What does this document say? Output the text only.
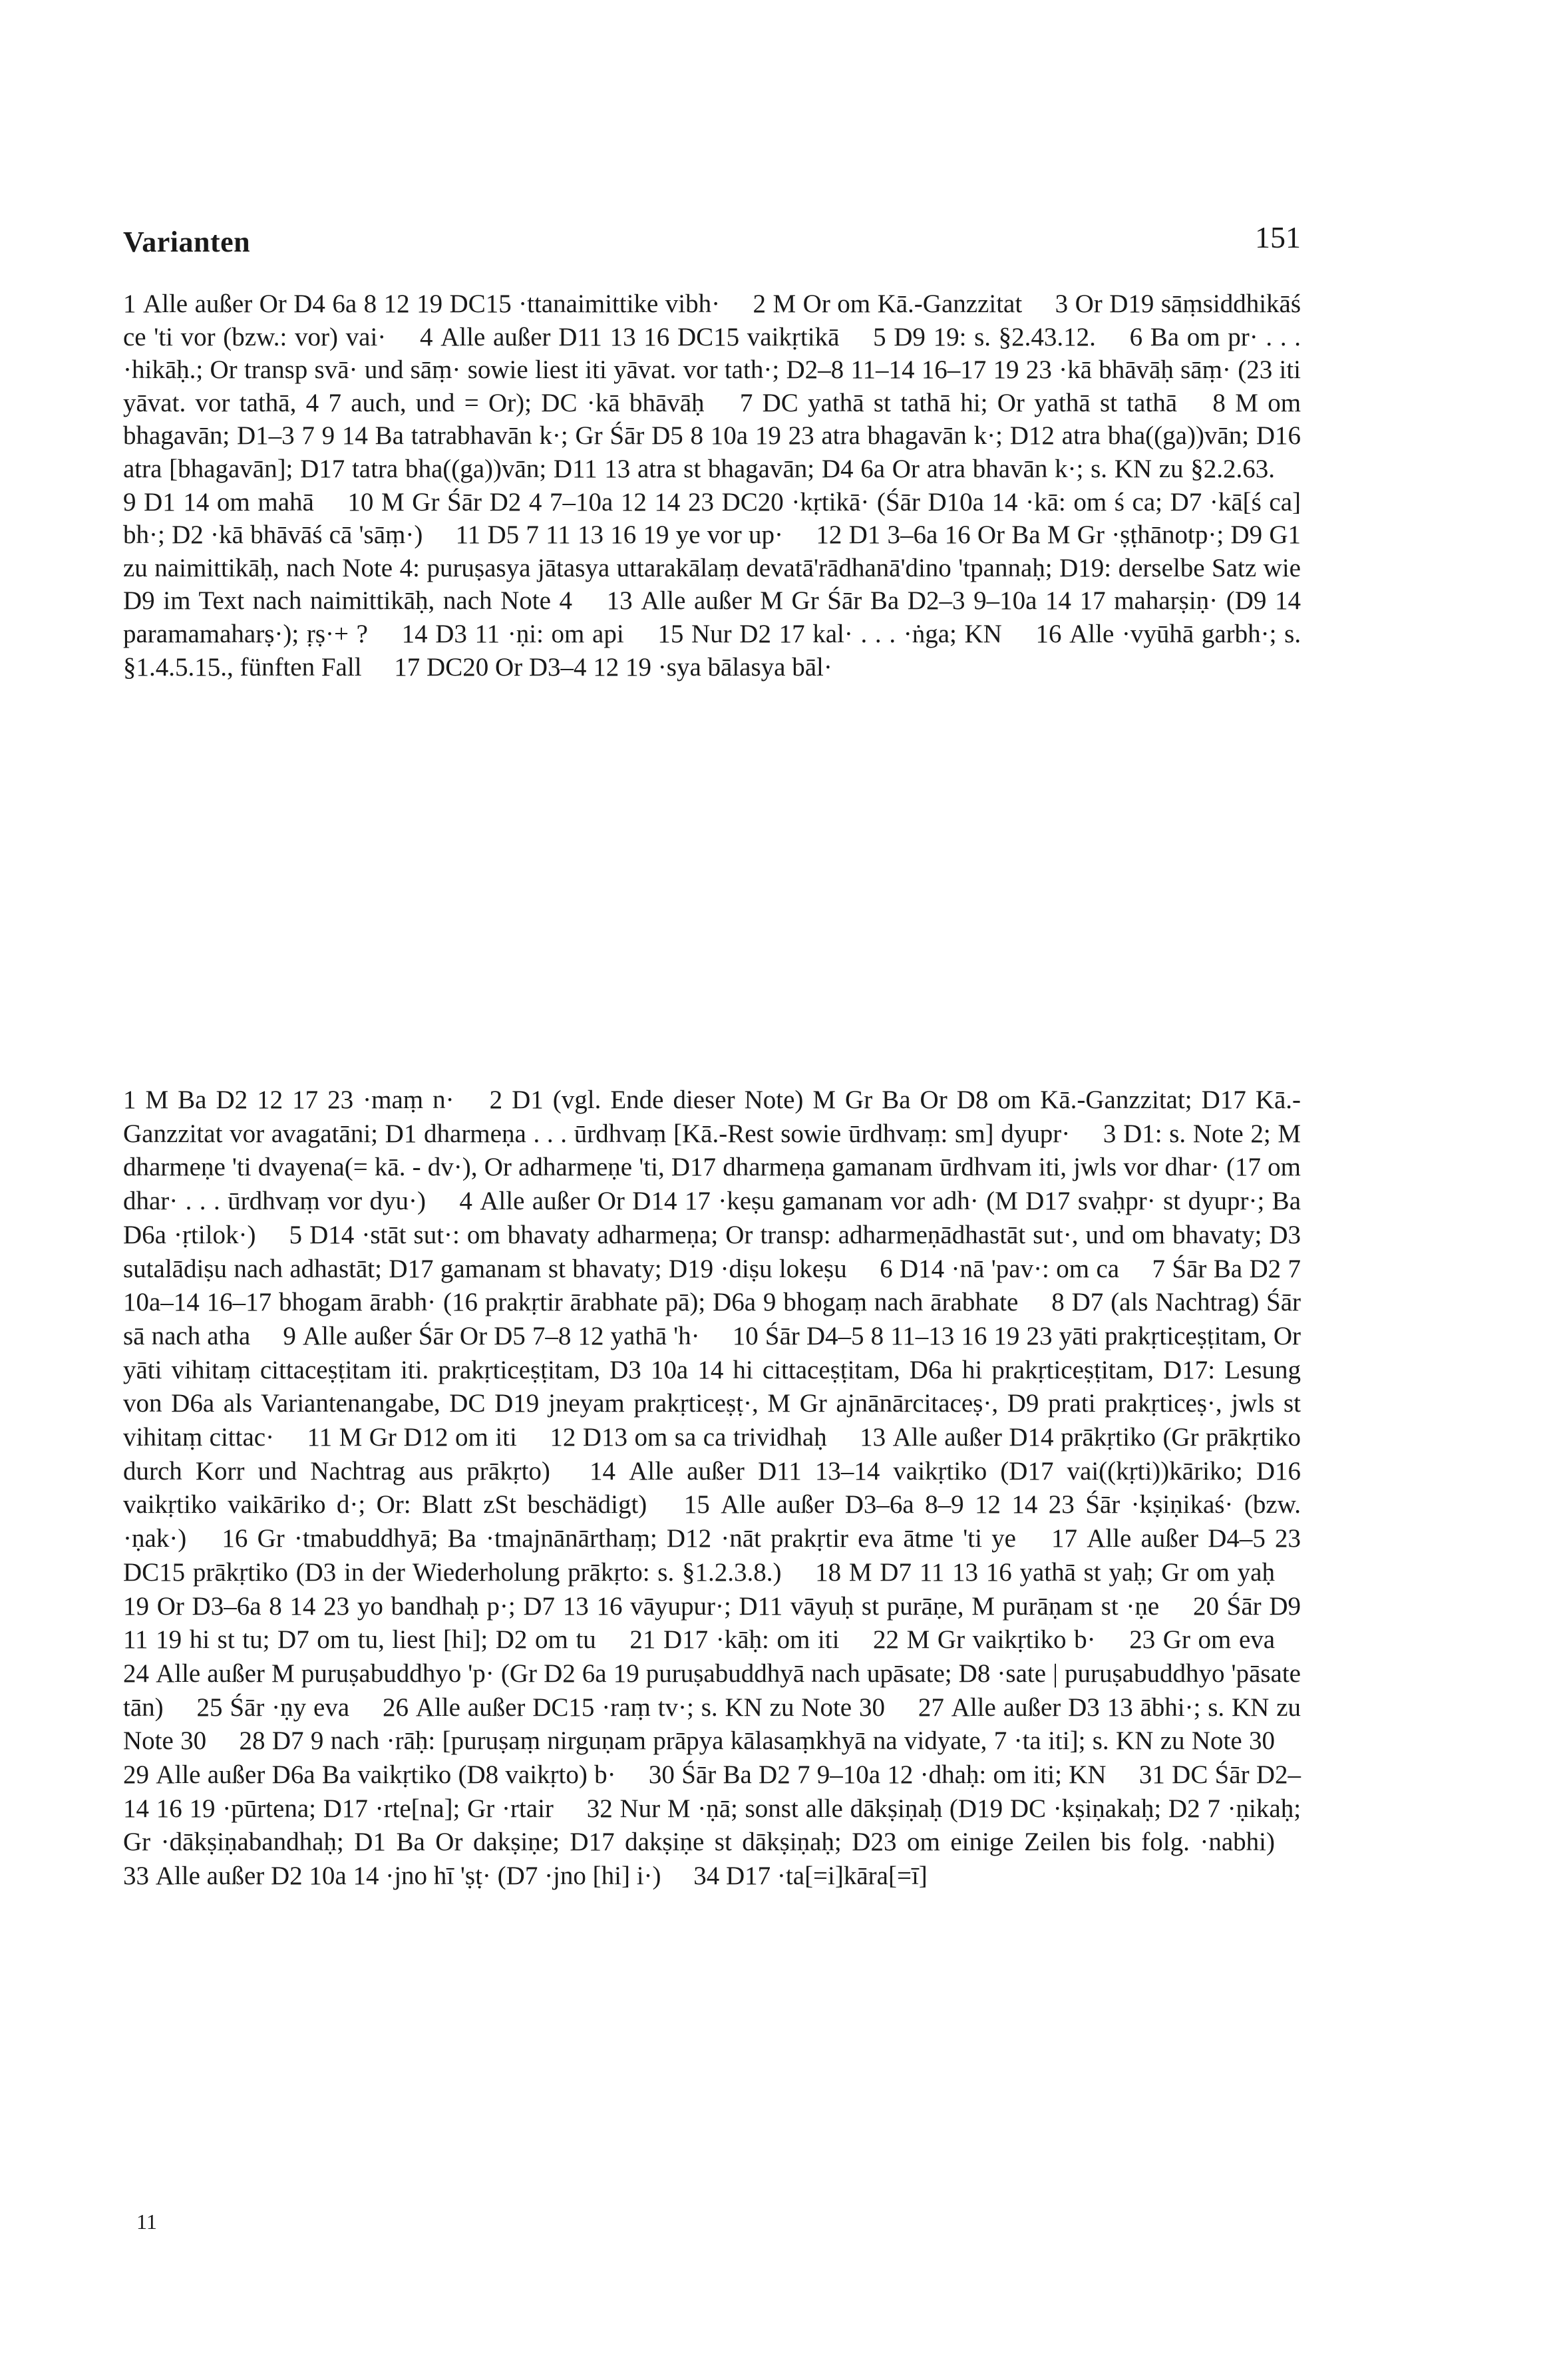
Varianten	151
1 Alle außer Or D4 6a 8 12 19 DC15 ·ttanaimittike vibh·  2 M Or om Kā.-Ganzzitat  3 Or D19 sāṃsiddhikāś ce 'ti vor (bzw.: vor) vai·  4 Alle außer D11 13 16 DC15 vaikṛtikā  5 D9 19: s. §2.43.12.  6 Ba om pr· . . . ·hikāḥ.; Or transp svā· und sāṃ· sowie liest iti yāvat. vor tath·; D2–8 11–14 16–17 19 23 ·kā bhāvāḥ sāṃ· (23 iti yāvat. vor tathā, 4 7 auch, und = Or); DC ·kā bhāvāḥ  7 DC yathā st tathā hi; Or yathā st tathā  8 M om bhagavān; D1–3 7 9 14 Ba tatrabhavān k·; Gr Śār D5 8 10a 19 23 atra bhagavān k·; D12 atra bha((ga))vān; D16 atra [bhagavān]; D17 tatra bha((ga))vān; D11 13 atra st bhagavān; D4 6a Or atra bhavān k·; s. KN zu §2.2.63.  9 D1 14 om mahā  10 M Gr Śār D2 4 7–10a 12 14 23 DC20 ·kṛtikā· (Śār D10a 14 ·kā: om ś ca; D7 ·kā[ś ca] bh·; D2 ·kā bhāvāś cā 'sāṃ·)  11 D5 7 11 13 16 19 ye vor up·  12 D1 3–6a 16 Or Ba M Gr ·ṣṭhānotp·; D9 G1 zu naimittikāḥ, nach Note 4: puruṣasya jātasya uttarakālaṃ devatā'rādhanā'dino 'tpannaḥ; D19: derselbe Satz wie D9 im Text nach naimittikāḥ, nach Note 4  13 Alle außer M Gr Śār Ba D2–3 9–10a 14 17 maharṣiṇ· (D9 14 paramamaharṣ·); ṛṣ·+ ?  14 D3 11 ·ṇi: om api  15 Nur D2 17 kal· . . . ·ṅga; KN  16 Alle ·vyūhā garbh·; s. §1.4.5.15., fünften Fall  17 DC20 Or D3–4 12 19 ·sya bālasya bāl·
1 M Ba D2 12 17 23 ·maṃ n·  2 D1 (vgl. Ende dieser Note) M Gr Ba Or D8 om Kā.-Ganzzitat; D17 Kā.-Ganzzitat vor avagatāni; D1 dharmeṇa . . . ūrdhvaṃ [Kā.-Rest sowie ūrdhvaṃ: sm] dyupr·  3 D1: s. Note 2; M dharmeṇe 'ti dvayena(= kā. - dv·), Or adharmeṇe 'ti, D17 dharmeṇa gamanam ūrdhvam iti, jwls vor dhar· (17 om dhar· . . . ūrdhvaṃ vor dyu·)  4 Alle außer Or D14 17 ·keṣu gamanam vor adh· (M D17 svaḥpr· st dyupr·; Ba D6a ·ṛtilok·)  5 D14 ·stāt sut·: om bhavaty adharmeṇa; Or transp: adharmeṇādhastāt sut·, und om bhavaty; D3 sutalādiṣu nach adhastāt; D17 gamanam st bhavaty; D19 ·diṣu lokeṣu  6 D14 ·nā 'pav·: om ca  7 Śār Ba D2 7 10a–14 16–17 bhogam ārabh· (16 prakṛtir ārabhate pā); D6a 9 bhogaṃ nach ārabhate  8 D7 (als Nachtrag) Śār sā nach atha  9 Alle außer Śār Or D5 7–8 12 yathā 'h·  10 Śār D4–5 8 11–13 16 19 23 yāti prakṛticeṣṭitam, Or yāti vihitaṃ cittaceṣṭitam iti. prakṛticeṣṭitam, D3 10a 14 hi cittaceṣṭitam, D6a hi prakṛticeṣṭitam, D17: Lesung von D6a als Variantenangabe, DC D19 jneyam prakṛticeṣṭ·, M Gr ajnānārcitaceṣ·, D9 prati prakṛticeṣ·, jwls st vihitaṃ cittac·  11 M Gr D12 om iti  12 D13 om sa ca trividhaḥ  13 Alle außer D14 prākṛtiko (Gr prākṛtiko durch Korr und Nachtrag aus prākṛto)  14 Alle außer D11 13–14 vaikṛtiko (D17 vai((kṛti))kāriko; D16 vaikṛtiko vaikāriko d·; Or: Blatt zSt beschädigt)  15 Alle außer D3–6a 8–9 12 14 23 Śār ·kṣiṇikaś· (bzw. ·ṇak·)  16 Gr ·tmabuddhyā; Ba ·tmajnānārthaṃ; D12 ·nāt prakṛtir eva ātme 'ti ye  17 Alle außer D4–5 23 DC15 prākṛtiko (D3 in der Wiederholung prākṛto: s. §1.2.3.8.)  18 M D7 11 13 16 yathā st yaḥ; Gr om yaḥ  19 Or D3–6a 8 14 23 yo bandhaḥ p·; D7 13 16 vāyupur·; D11 vāyuḥ st purāṇe, M purāṇam st ·ṇe  20 Śār D9 11 19 hi st tu; D7 om tu, liest [hi]; D2 om tu  21 D17 ·kāḥ: om iti  22 M Gr vaikṛtiko b·  23 Gr om eva  24 Alle außer M puruṣabuddhyo 'p· (Gr D2 6a 19 puruṣabuddhyā nach upāsate; D8 ·sate | puruṣabuddhyo 'pāsate tān)  25 Śār ·ṇy eva  26 Alle außer DC15 ·raṃ tv·; s. KN zu Note 30  27 Alle außer D3 13 ābhi·; s. KN zu Note 30  28 D7 9 nach ·rāḥ: [puruṣaṃ nirguṇam prāpya kālasaṃkhyā na vidyate, 7 ·ta iti]; s. KN zu Note 30  29 Alle außer D6a Ba vaikṛtiko (D8 vaikṛto) b·  30 Śār Ba D2 7 9–10a 12 ·dhaḥ: om iti; KN  31 DC Śār D2–14 16 19 ·pūrtena; D17 ·rte[na]; Gr ·rtair  32 Nur M ·ṇā; sonst alle dākṣiṇaḥ (D19 DC ·kṣiṇakaḥ; D2 7 ·ṇikaḥ; Gr ·dākṣiṇabandhaḥ; D1 Ba Or dakṣiṇe; D17 dakṣiṇe st dākṣiṇaḥ; D23 om einige Zeilen bis folg. ·nabhi)  33 Alle außer D2 10a 14 ·jno hī 'ṣṭ· (D7 ·jno [hi] i·)  34 D17 ·ta[=i]kāra[=ī]
11
